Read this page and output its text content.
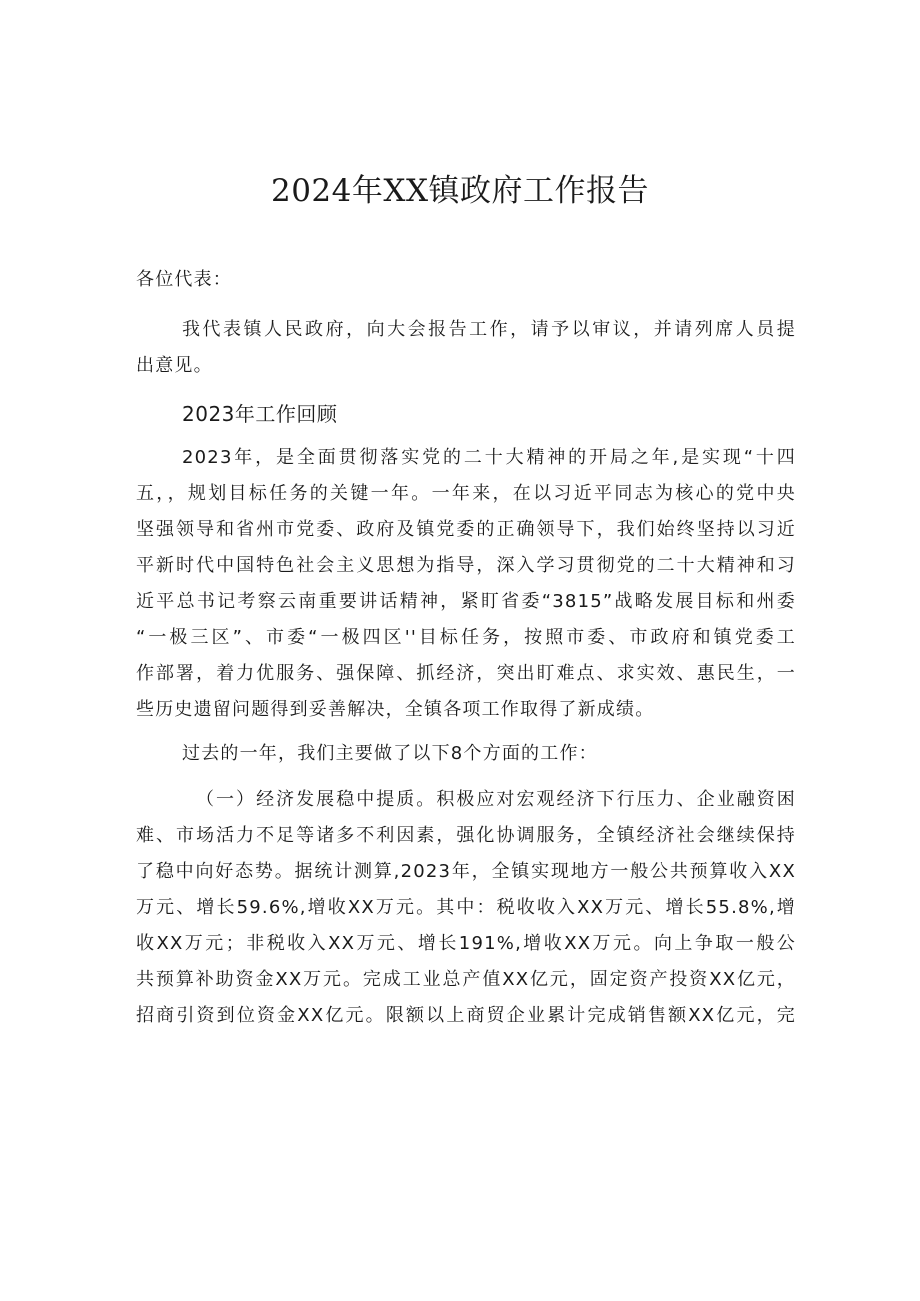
2024年XX镇政府工作报告

各位代表：

我代表镇人民政府，向大会报告工作，请予以审议，并请列席人员提
出意见。

2023年工作回顾

2023年，是全面贯彻落实党的二十大精神的开局之年,是实现“十四
五，，规划目标任务的关键一年。一年来，在以习近平同志为核心的党中央
坚强领导和省州市党委、政府及镇党委的正确领导下，我们始终坚持以习近
平新时代中国特色社会主义思想为指导，深入学习贯彻党的二十大精神和习
近平总书记考察云南重要讲话精神，紧盯省委“3815”战略发展目标和州委
“一极三区”、市委“一极四区''目标任务，按照市委、市政府和镇党委工
作部署，着力优服务、强保障、抓经济，突出盯难点、求实效、惠民生，一
些历史遗留问题得到妥善解决，全镇各项工作取得了新成绩。

过去的一年，我们主要做了以下8个方面的工作：

（一）经济发展稳中提质。积极应对宏观经济下行压力、企业融资困
难、市场活力不足等诸多不利因素，强化协调服务，全镇经济社会继续保持
了稳中向好态势。据统计测算,2023年，全镇实现地方一般公共预算收入XX
万元、增长59.6%,增收XX万元。其中：税收收入XX万元、增长55.8%,增
收XX万元；非税收入XX万元、增长191%,增收XX万元。向上争取一般公
共预算补助资金XX万元。完成工业总产值XX亿元，固定资产投资XX亿元，
招商引资到位资金XX亿元。限额以上商贸企业累计完成销售额XX亿元，完
